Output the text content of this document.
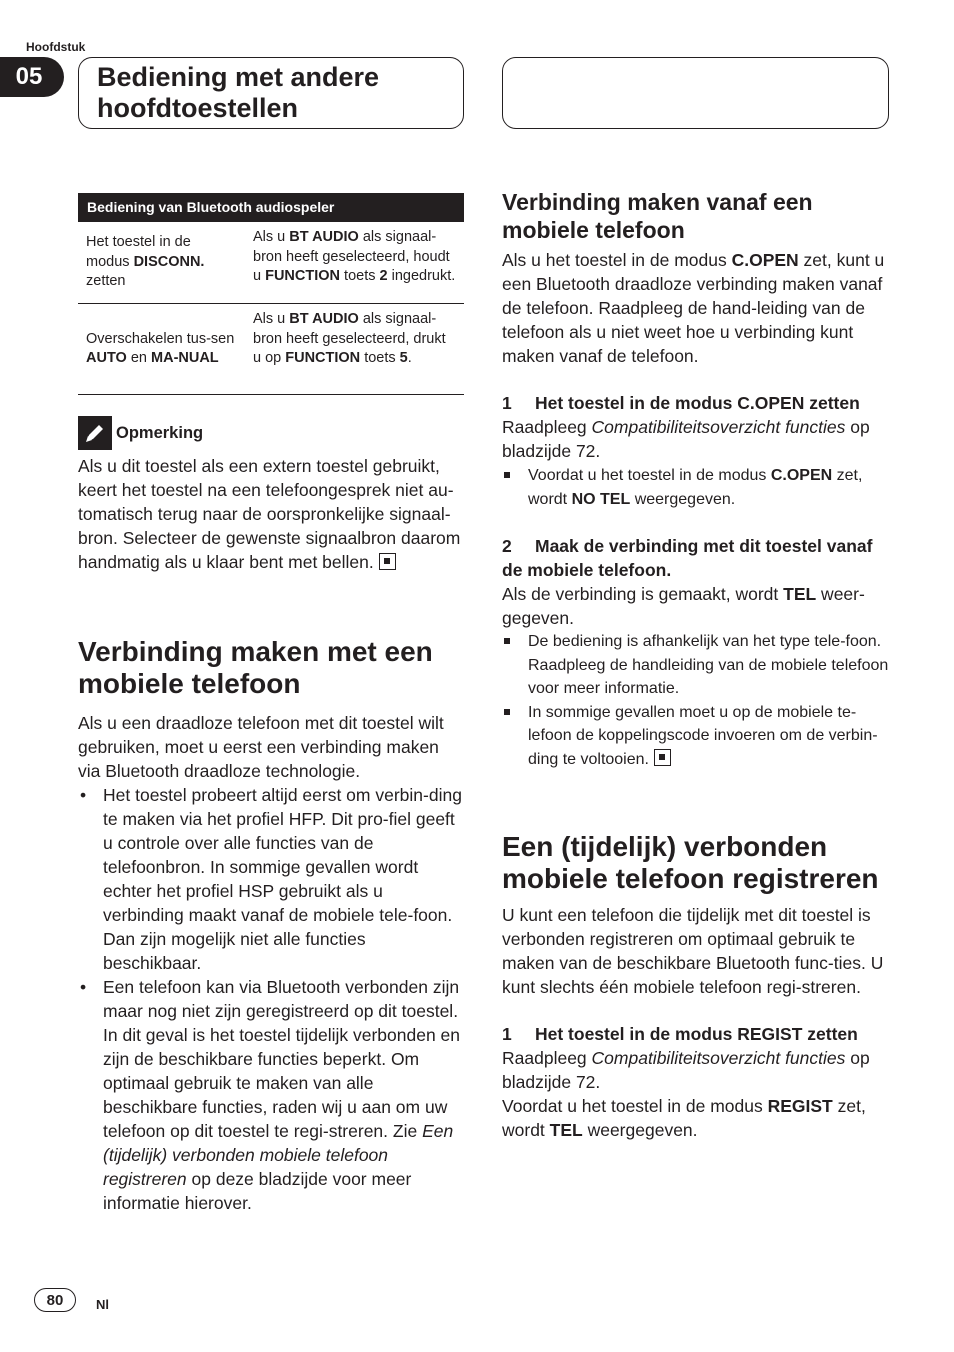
Hoofdstuk
05	Bediening met andere
hoofdtoestellen
Bediening van Bluetooth audiospeler
Het toestel in de modus DISCONN. zetten
Als u BT AUDIO als signaal-bron heeft geselecteerd, houdt u FUNCTION toets 2 ingedrukt.
Overschakelen tus-sen AUTO en MA-NUAL
Als u BT AUDIO als signaal-bron heeft geselecteerd, drukt u op FUNCTION toets 5.
Opmerking
Als u dit toestel als een extern toestel gebruikt, keert het toestel na een telefoongesprek niet au-tomatisch terug naar de oorspronkelijke signaal-bron. Selecteer de gewenste signaalbron daarom handmatig als u klaar bent met bellen.
Verbinding maken met een mobiele telefoon
Als u een draadloze telefoon met dit toestel wilt gebruiken, moet u eerst een verbinding maken via Bluetooth draadloze technologie.
• Het toestel probeert altijd eerst om verbin-ding te maken via het profiel HFP. Dit pro-fiel geeft u controle over alle functies van de telefoonbron. In sommige gevallen wordt echter het profiel HSP gebruikt als u verbinding maakt vanaf de mobiele tele-foon. Dan zijn mogelijk niet alle functies beschikbaar.
• Een telefoon kan via Bluetooth verbonden zijn maar nog niet zijn geregistreerd op dit toestel. In dit geval is het toestel tijdelijk verbonden en zijn de beschikbare functies beperkt. Om optimaal gebruik te maken van alle beschikbare functies, raden wij u aan om uw telefoon op dit toestel te regi-streren. Zie Een (tijdelijk) verbonden mobiele telefoon registreren op deze bladzijde voor meer informatie hierover.
Verbinding maken vanaf een mobiele telefoon
Als u het toestel in de modus C.OPEN zet, kunt u een Bluetooth draadloze verbinding maken vanaf de telefoon. Raadpleeg de hand-leiding van de telefoon als u niet weet hoe u verbinding kunt maken vanaf de telefoon.
1 Het toestel in de modus C.OPEN zetten
Raadpleeg Compatibiliteitsoverzicht functies op bladzijde 72.
Voordat u het toestel in de modus C.OPEN zet, wordt NO TEL weergegeven.
2 Maak de verbinding met dit toestel vanaf de mobiele telefoon.
Als de verbinding is gemaakt, wordt TEL weer-gegeven.
De bediening is afhankelijk van het type tele-foon. Raadpleeg de handleiding van de mobiele telefoon voor meer informatie.
In sommige gevallen moet u op de mobiele te-lefoon de koppelingscode invoeren om de verbin-ding te voltooien.
Een (tijdelijk) verbonden mobiele telefoon registreren
U kunt een telefoon die tijdelijk met dit toestel is verbonden registreren om optimaal gebruik te maken van de beschikbare Bluetooth func-ties. U kunt slechts één mobiele telefoon regi-streren.
1 Het toestel in de modus REGIST zetten
Raadpleeg Compatibiliteitsoverzicht functies op bladzijde 72.
Voordat u het toestel in de modus REGIST zet, wordt TEL weergegeven.
80	Nl
